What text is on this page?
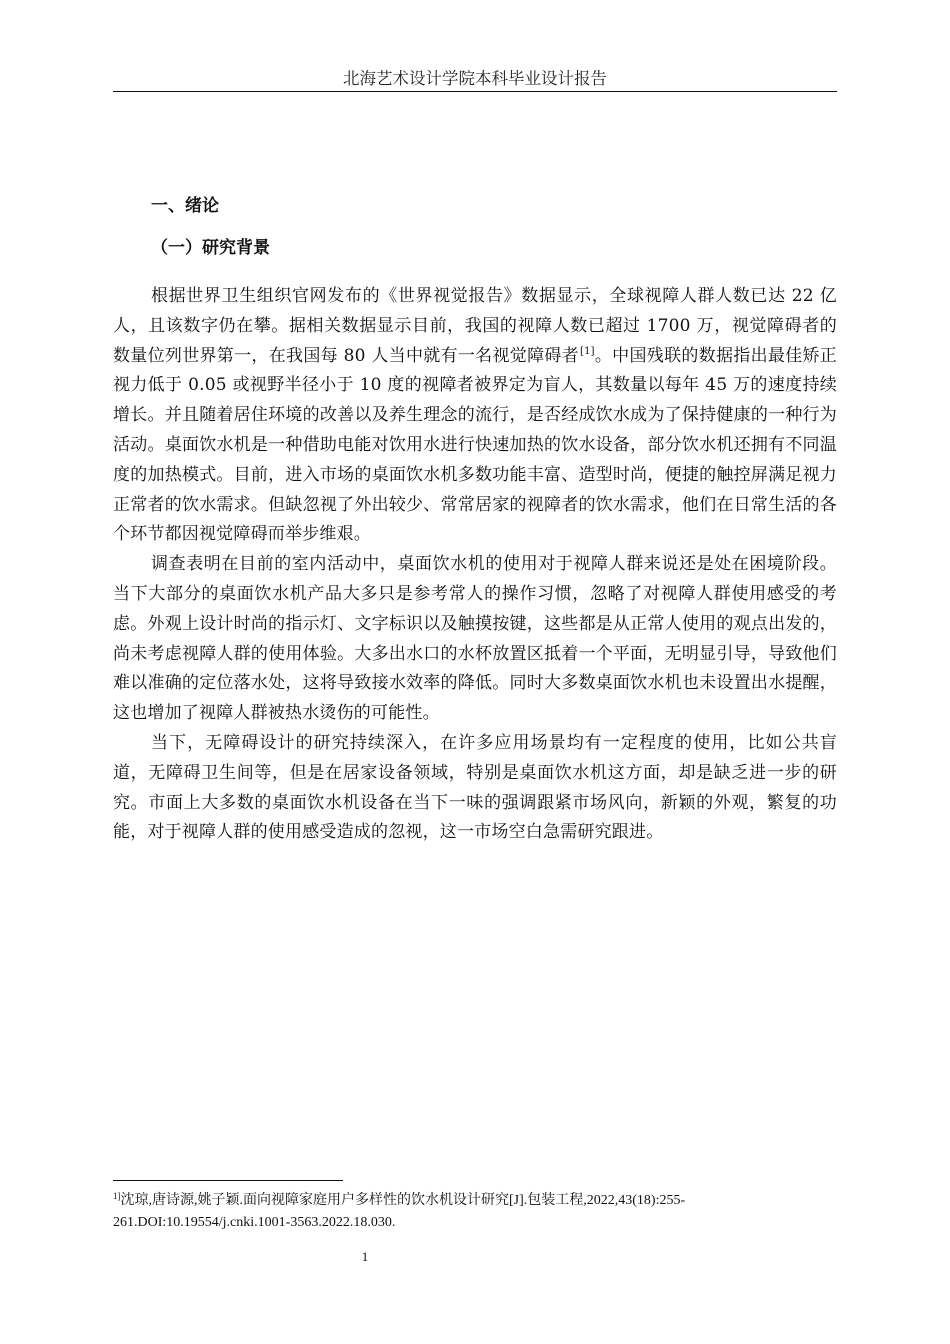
北海艺术设计学院本科毕业设计报告
一、绪论
（一）研究背景

根据世界卫生组织官网发布的《世界视觉报告》数据显示，全球视障人群人数已达 22 亿人，且该数字仍在攀。据相关数据显示目前，我国的视障人数已超过 1700 万，视觉障碍者的数量位列世界第一，在我国每 80 人当中就有一名视觉障碍者[1]。中国残联的数据指出最佳矫正视力低于 0.05 或视野半径小于 10 度的视障者被界定为盲人，其数量以每年 45 万的速度持续增长。并且随着居住环境的改善以及养生理念的流行，是否经成饮水成为了保持健康的一种行为活动。桌面饮水机是一种借助电能对饮用水进行快速加热的饮水设备，部分饮水机还拥有不同温度的加热模式。目前，进入市场的桌面饮水机多数功能丰富、造型时尚，便捷的触控屏满足视力正常者的饮水需求。但缺忽视了外出较少、常常居家的视障者的饮水需求，他们在日常生活的各个环节都因视觉障碍而举步维艰。

调查表明在目前的室内活动中，桌面饮水机的使用对于视障人群来说还是处在困境阶段。当下大部分的桌面饮水机产品大多只是参考常人的操作习惯，忽略了对视障人群使用感受的考虑。外观上设计时尚的指示灯、文字标识以及触摸按键，这些都是从正常人使用的观点出发的，尚未考虑视障人群的使用体验。大多出水口的水杯放置区抵着一个平面，无明显引导，导致他们难以准确的定位落水处，这将导致接水效率的降低。同时大多数桌面饮水机也未设置出水提醒，这也增加了视障人群被热水烫伤的可能性。

当下，无障碍设计的研究持续深入，在许多应用场景均有一定程度的使用，比如公共盲道，无障碍卫生间等，但是在居家设备领域，特别是桌面饮水机这方面，却是缺乏进一步的研究。市面上大多数的桌面饮水机设备在当下一味的强调跟紧市场风向，新颖的外观，繁复的功能，对于视障人群的使用感受造成的忽视，这一市场空白急需研究跟进。

$^{1]}$沈琼,唐诗源,姚子颖.面向视障家庭用户多样性的饮水机设计研究[J].包装工程,2022,43(18):255-261.DOI:10.19554/j.cnki.1001-3563.2022.18.030.
1
